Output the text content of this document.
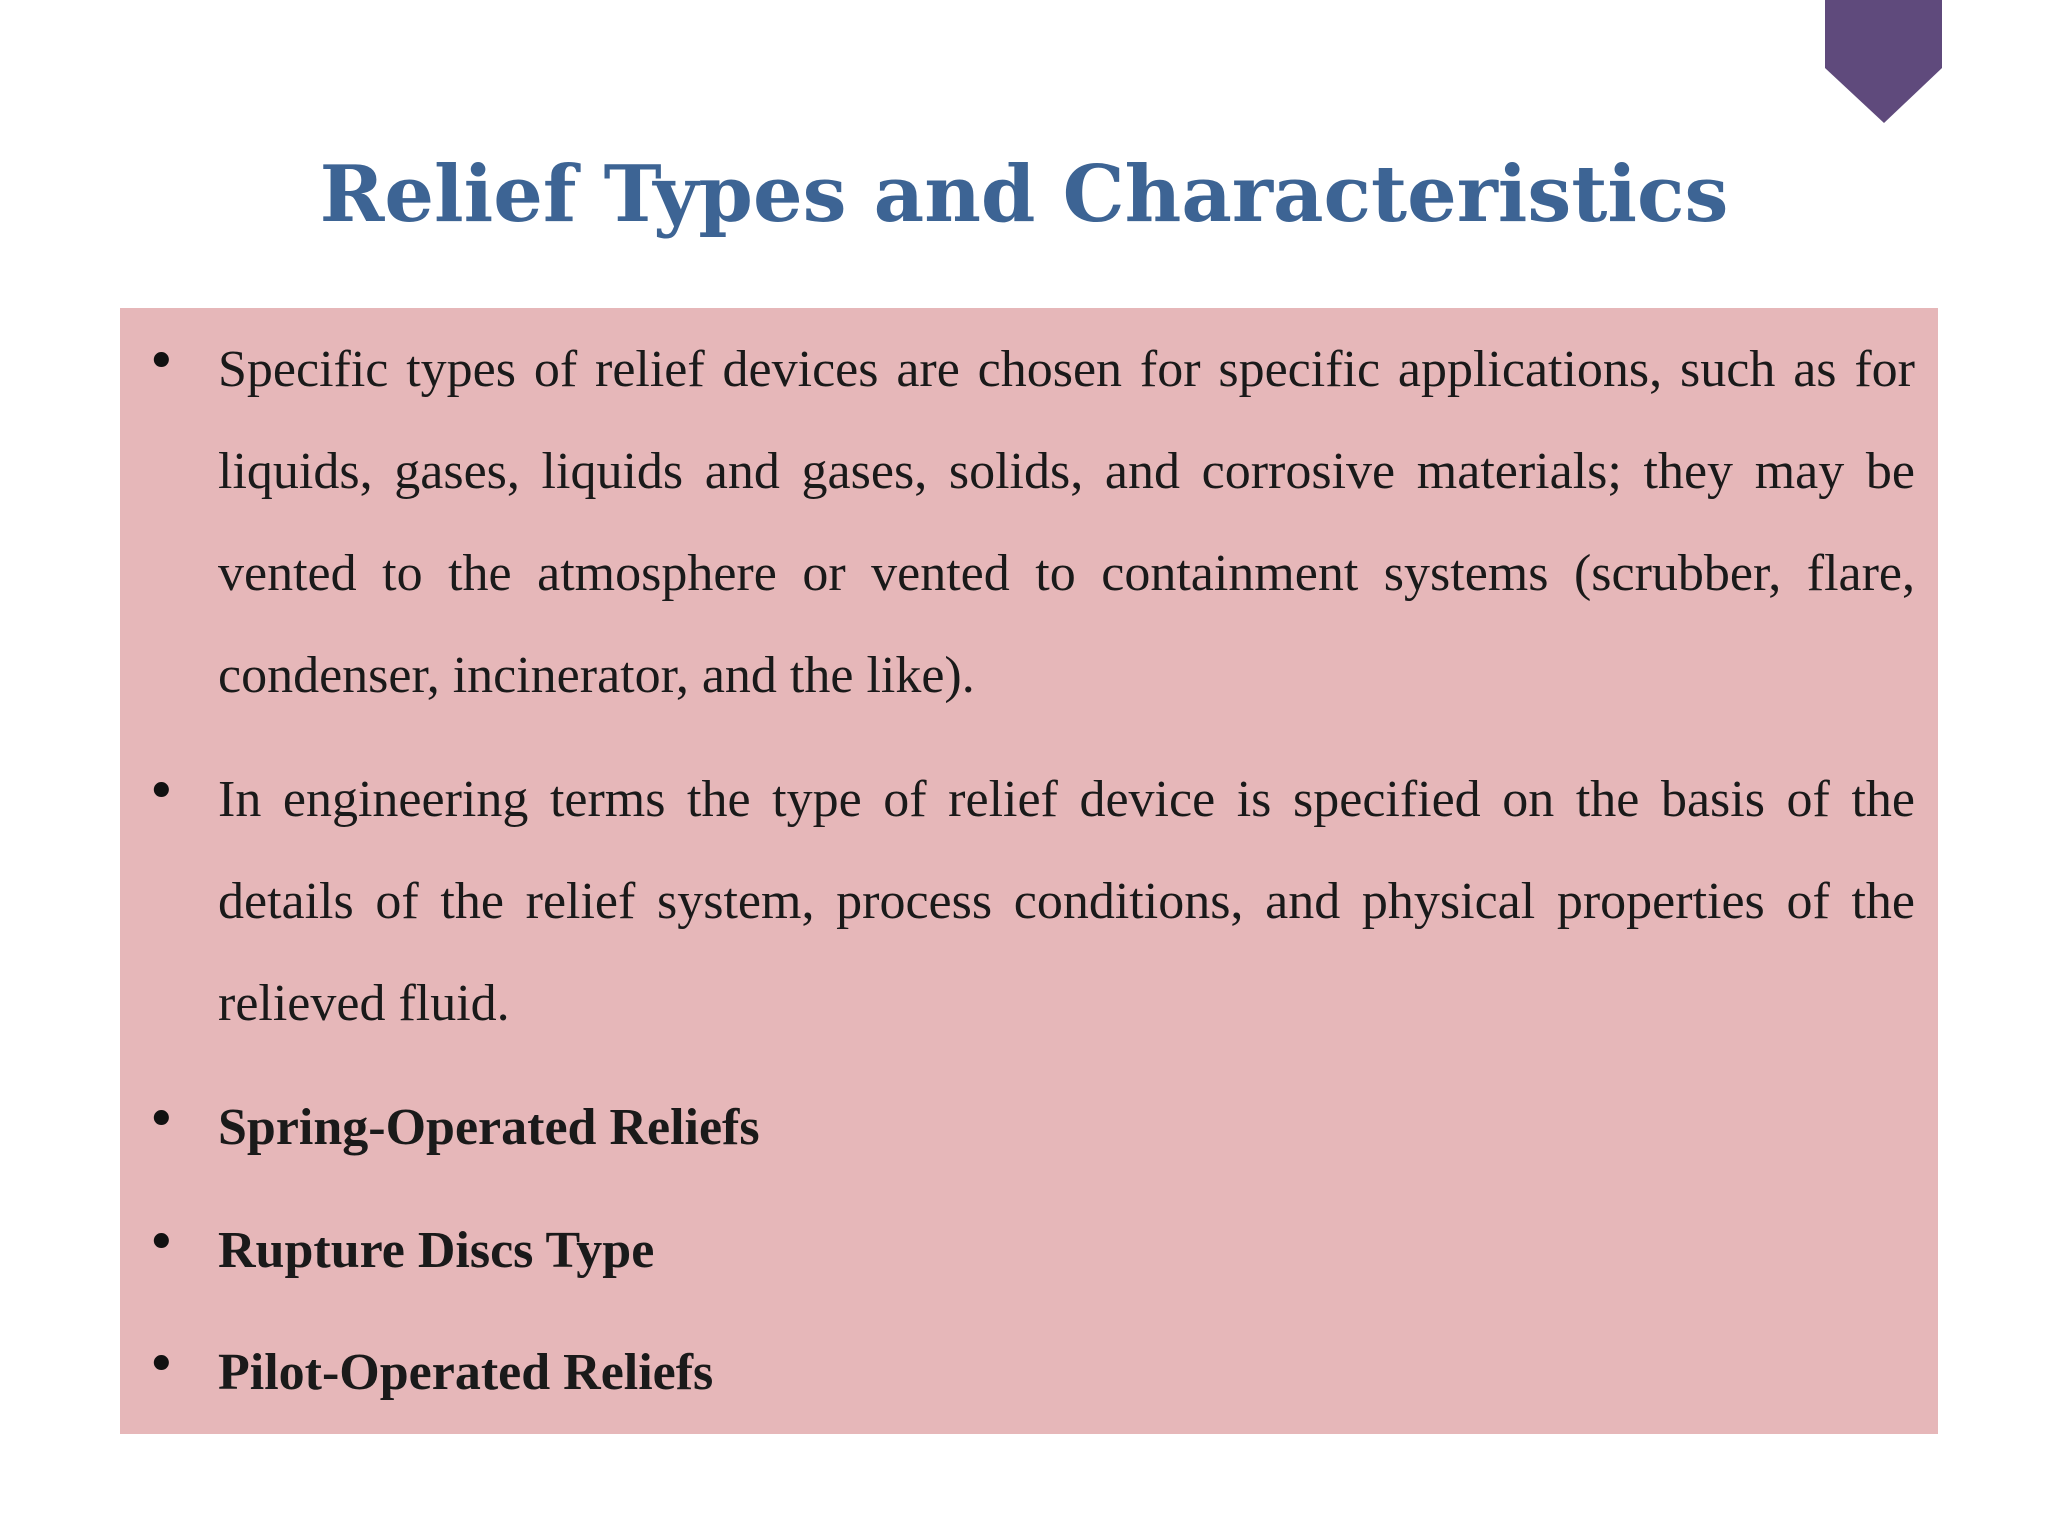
Relief Types and Characteristics
• Specific types of relief devices are chosen for specific applications, such as for liquids, gases, liquids and gases, solids, and corrosive materials; they may be vented to the atmosphere or vented to containment systems (scrubber, flare, condenser, incinerator, and the like).
• In engineering terms the type of relief device is specified on the basis of the details of the relief system, process conditions, and physical properties of the relieved fluid.
• Spring-Operated Reliefs
• Rupture Discs Type
• Pilot-Operated Reliefs
